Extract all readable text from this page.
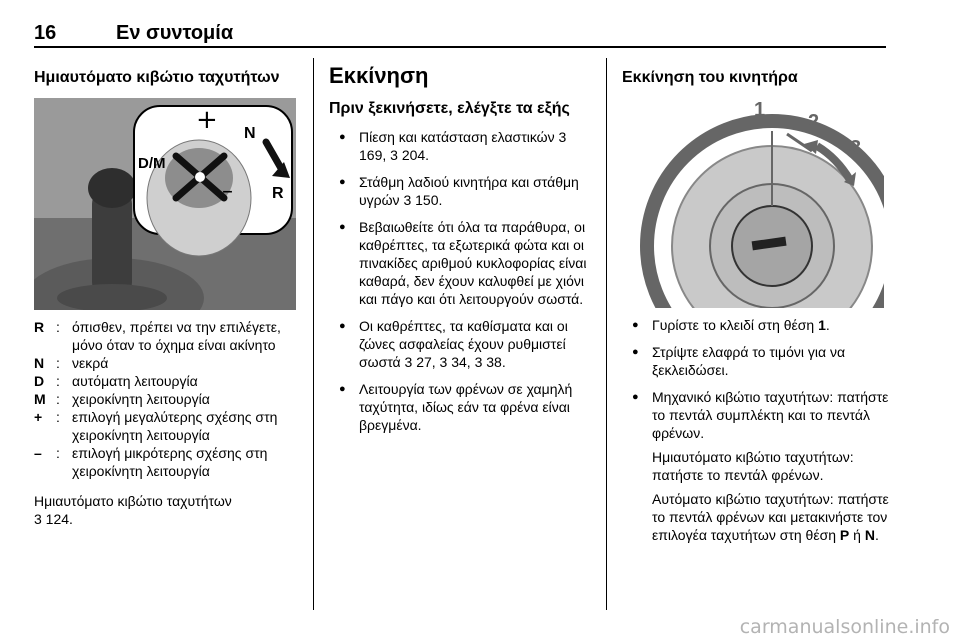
16	Εν συντομία
Ημιαυτόματο κιβώτιο ταχυτήτων
+
–
D/M
N
R
R : όπισθεν, πρέπει να την επιλέγετε, μόνο όταν το όχημα είναι ακίνητο
N : νεκρά
D : αυτόματη λειτουργία
M : χειροκίνητη λειτουργία
+ : επιλογή μεγαλύτερης σχέσης στη χειροκίνητη λειτουργία
–	: επιλογή μικρότερης σχέσης στη χειροκίνητη λειτουργία
Ημιαυτόματο κιβώτιο ταχυτήτων
3 124.
Εκκίνηση
Πριν ξεκινήσετε, ελέγξτε τα εξής
● Πίεση και κατάσταση ελαστικών 3 169, 3 204.
● Στάθμη λαδιού κινητήρα και στάθμη υγρών 3 150.
● Βεβαιωθείτε ότι όλα τα παράθυρα, οι καθρέπτες, τα εξωτερικά φώτα και οι πινακίδες αριθμού κυκλοφορίας είναι καθαρά, δεν έχουν καλυφθεί με χιόνι και πάγο και ότι λειτουργούν σωστά.
● Οι καθρέπτες, τα καθίσματα και οι ζώνες ασφαλείας έχουν ρυθμιστεί σωστά 3 27, 3 34, 3 38.
● Λειτουργία των φρένων σε χαμηλή ταχύτητα, ιδίως εάν τα φρένα είναι βρεγμένα.
Εκκίνηση του κινητήρα
1
2
3
0
● Γυρίστε το κλειδί στη θέση 1.
● Στρίψτε ελαφρά το τιμόνι για να ξεκλειδώσει.
● Μηχανικό κιβώτιο ταχυτήτων: πατήστε το πεντάλ συμπλέκτη και το πεντάλ φρένων.
Ημιαυτόματο κιβώτιο ταχυτήτων: πατήστε το πεντάλ φρένων.
Αυτόματο κιβώτιο ταχυτήτων: πατήστε το πεντάλ φρένων και μετακινήστε τον επιλογέα ταχυτήτων στη θέση P ή N.
carmanualsonline.info
